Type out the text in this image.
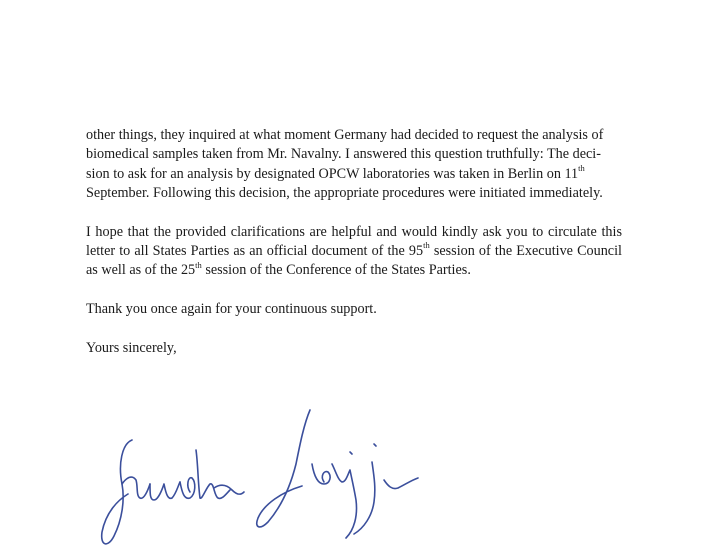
other things, they inquired at what moment Germany had decided to request the analysis of
biomedical samples taken from Mr. Navalny. I answered this question truthfully: The deci-
sion to ask for an analysis by designated OPCW laboratories was taken in Berlin on 11th
September. Following this decision, the appropriate procedures were initiated immediately.

I hope that the provided clarifications are helpful and would kindly ask you to circulate this letter to all States Parties as an official document of the 95th session of the Executive Council as well as of the 25th session of the Conference of the States Parties.

Thank you once again for your continuous support.

Yours sincerely,
